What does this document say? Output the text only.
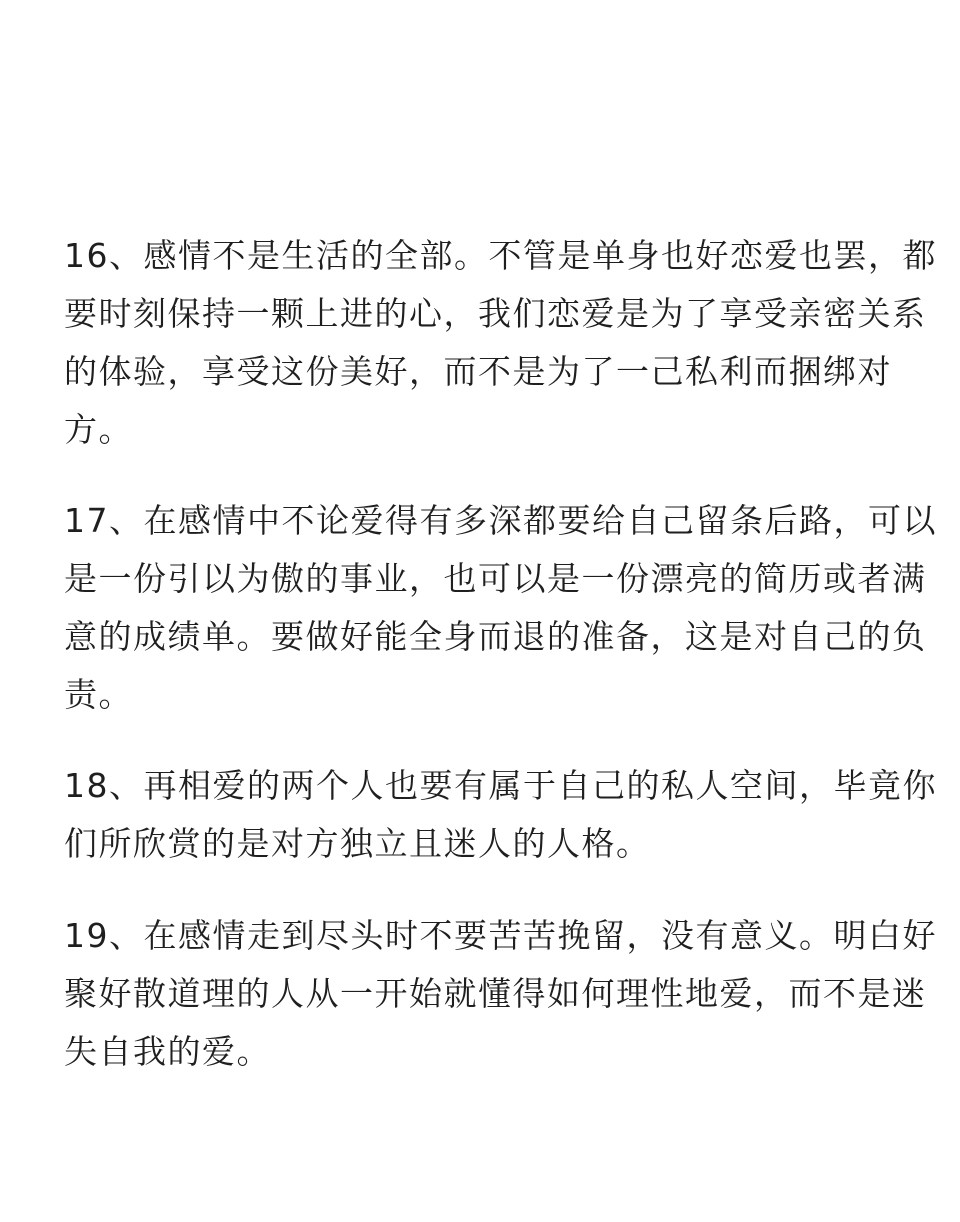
16、感情不是生活的全部。不管是单身也好恋爱也罢，都
要时刻保持一颗上进的心，我们恋爱是为了享受亲密关系
的体验，享受这份美好，而不是为了一己私利而捆绑对
方。
17、在感情中不论爱得有多深都要给自己留条后路，可以
是一份引以为傲的事业，也可以是一份漂亮的简历或者满
意的成绩单。要做好能全身而退的准备，这是对自己的负
责。
18、再相爱的两个人也要有属于自己的私人空间，毕竟你
们所欣赏的是对方独立且迷人的人格。
19、在感情走到尽头时不要苦苦挽留，没有意义。明白好
聚好散道理的人从一开始就懂得如何理性地爱，而不是迷
失自我的爱。
